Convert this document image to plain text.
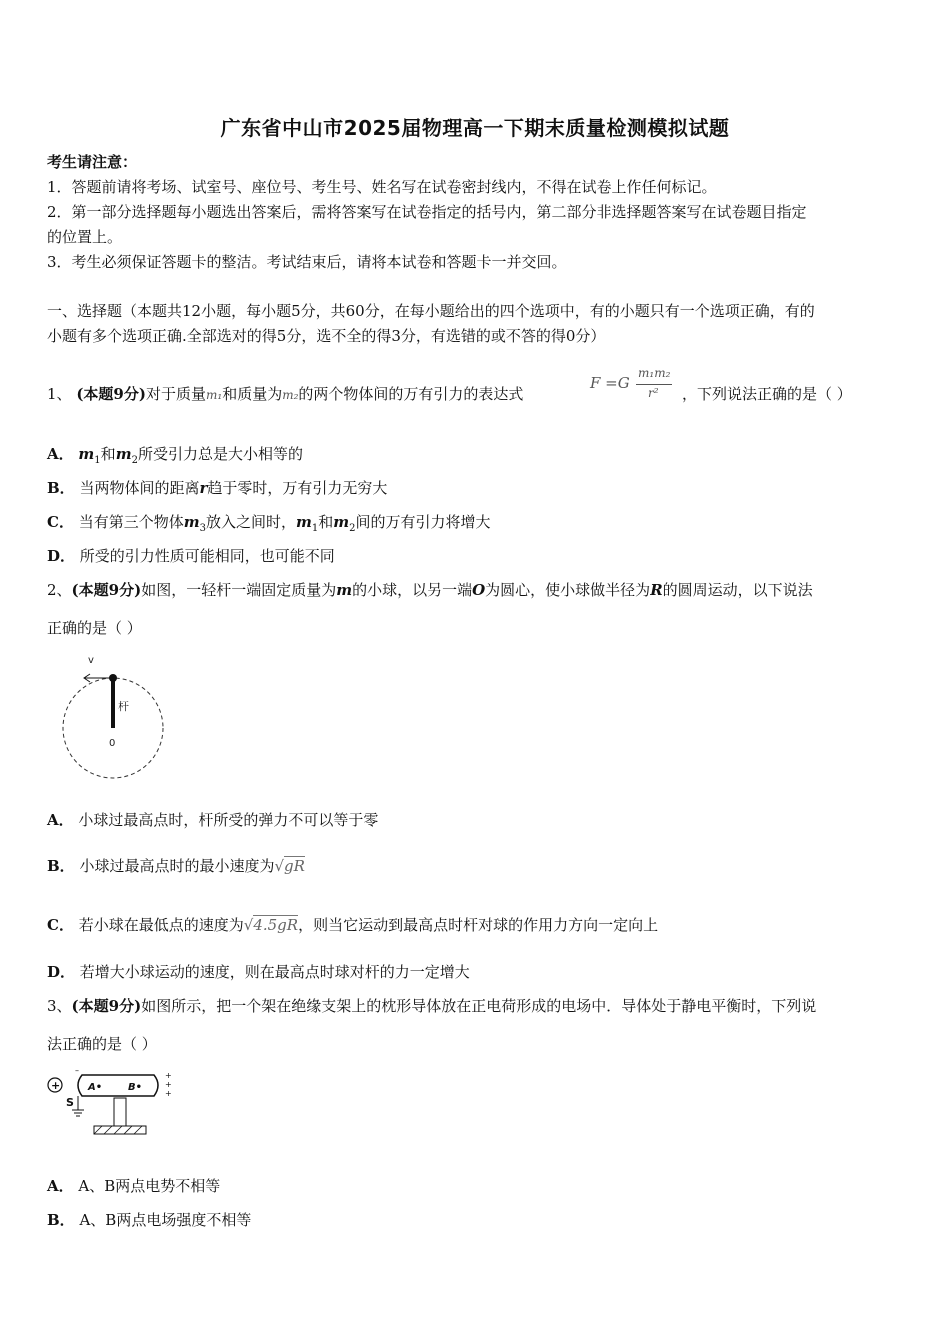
广东省中山市2025届物理高一下期末质量检测模拟试题
考生请注意：
1．答题前请将考场、试室号、座位号、考生号、姓名写在试卷密封线内，不得在试卷上作任何标记。
2．第一部分选择题每小题选出答案后，需将答案写在试卷指定的括号内，第二部分非选择题答案写在试卷题目指定
的位置上。
3．考生必须保证答题卡的整洁。考试结束后，请将本试卷和答题卡一并交回。
一、选择题（本题共12小题，每小题5分，共60分，在每小题给出的四个选项中，有的小题只有一个选项正确，有的
小题有多个选项正确.全部选对的得5分，选不全的得3分，有选错的或不答的得0分）
1、 (本题9分)对于质量m₁和质量为m₂的两个物体间的万有引力的表达式
F =G
m₁m₂
r² ，下列说法正确的是（ ）
A． $m_1$和$m_2$所受引力总是大小相等的
B． 当两物体间的距离r趋于零时，万有引力无穷大
C． 当有第三个物体$m_3$放入之间时，$m_1$和$m_2$间的万有引力将增大
D． 所受的引力性质可能相同，也可能不同
2、(本题9分)如图，一轻杆一端固定质量为m的小球，以另一端O为圆心，使小球做半径为R的圆周运动，以下说法
正确的是（ ）
v
杆
0
A． 小球过最高点时，杆所受的弹力不可以等于零
B． 小球过最高点时的最小速度为√gR
C． 若小球在最低点的速度为√4.5gR，则当它运动到最高点时杆对球的作用力方向一定向上
D． 若增大小球运动的速度，则在最高点时球对杆的力一定增大
3、(本题9分)如图所示，把一个架在绝缘支架上的枕形导体放在正电荷形成的电场中．导体处于静电平衡时，下列说
法正确的是（ ）
+	A•	B•
–
+
+
+
S
A． A、B两点电势不相等
B． A、B两点电场强度不相等
